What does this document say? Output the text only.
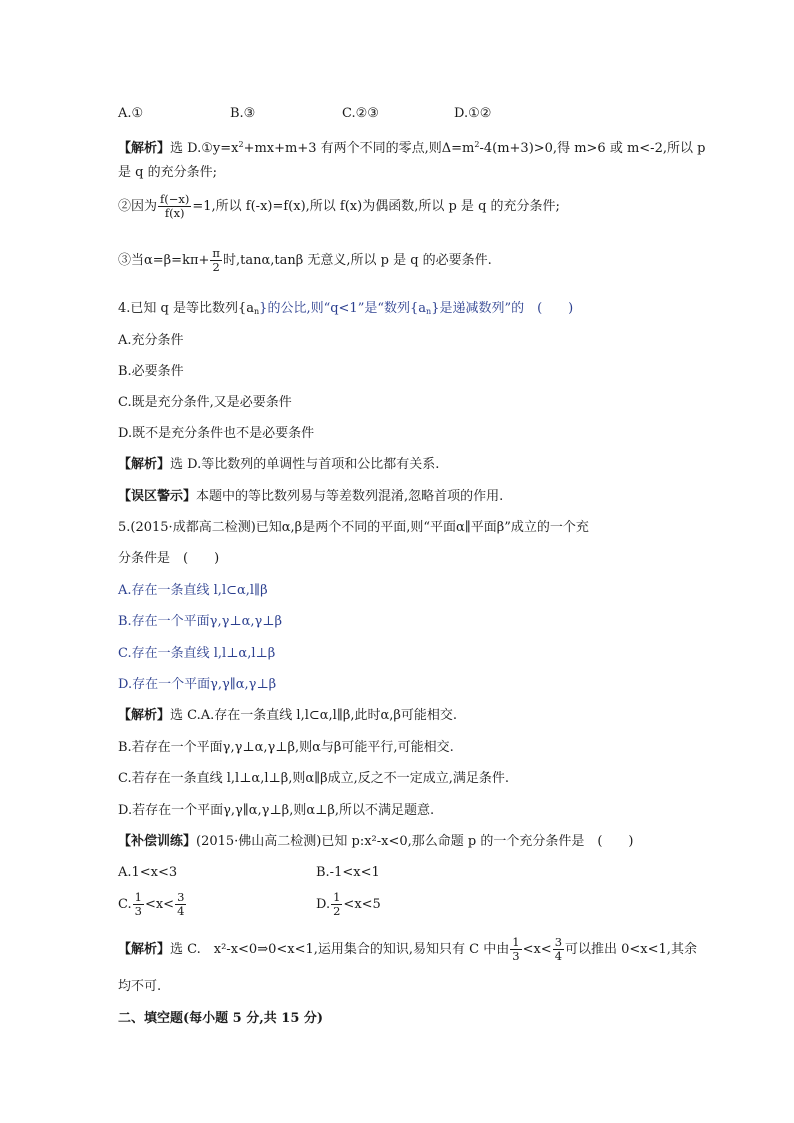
A.①	B.③	C.②③	D.①②
【解析】选 $D.①y=x^2+mx+m+3$ 有两个不同的零点,则$\Delta=m^2-4(m+3)>0$,得 m>6 或 m<-2,所以 p
是 q 的充分条件;
②因为 $\frac{f(-x)}{f(x)} =1$,所以 f(-x)=f(x),所以 f(x)为偶函数,所以 p 是 q 的充分条件;
③当$\alpha=\beta=k\pi+ \frac{\pi}{2}$ 时,tanα,tanβ 无意义,所以 p 是 q 的必要条件.
4.已知 q 是等比数列$\{a_n\}$的公比,则“q<1”是“数列$\{a_n\}$是递减数列”的　(　　)
A.充分条件
B.必要条件
C.既是充分条件,又是必要条件
D.既不是充分条件也不是必要条件
【解析】选 D.等比数列的单调性与首项和公比都有关系.
【误区警示】本题中的等比数列易与等差数列混淆,忽略首项的作用.
5.(2015·成都高二检测)已知α,β是两个不同的平面,则“平面α∥平面β”成立的一个充
分条件是　(　　)
A.存在一条直线 l,l⊂α,l∥β
B.存在一个平面γ,γ⊥α,γ⊥β
C.存在一条直线 l,l⊥α,l⊥β
D.存在一个平面γ,γ∥α,γ⊥β
【解析】选 C.A.存在一条直线 l,l⊂α,l∥β,此时α,β可能相交.
B.若存在一个平面γ,γ⊥α,γ⊥β,则α与β可能平行,可能相交.
C.若存在一条直线 l,l⊥α,l⊥β,则α∥β成立,反之不一定成立,满足条件.
D.若存在一个平面γ,γ∥α,γ⊥β,则α⊥β,所以不满足题意.
【补偿训练】(2015·佛山高二检测)已知 p:x²-x<0,那么命题 p 的一个充分条件是　(　　)
A.1<x<3	B.-1<x<1
C. $\frac{1}{3} <x< \frac{3}{4}$	D. $\frac{1}{2} <x<5$
【解析】选 C.　x²-x<0⇒0<x<1,运用集合的知识,易知只有 C 中由 $\frac{1}{3} <x< \frac{3}{4}$ 可以推出 0<x<1,其余
均不可.
二、填空题(每小题 5 分,共 15 分)
